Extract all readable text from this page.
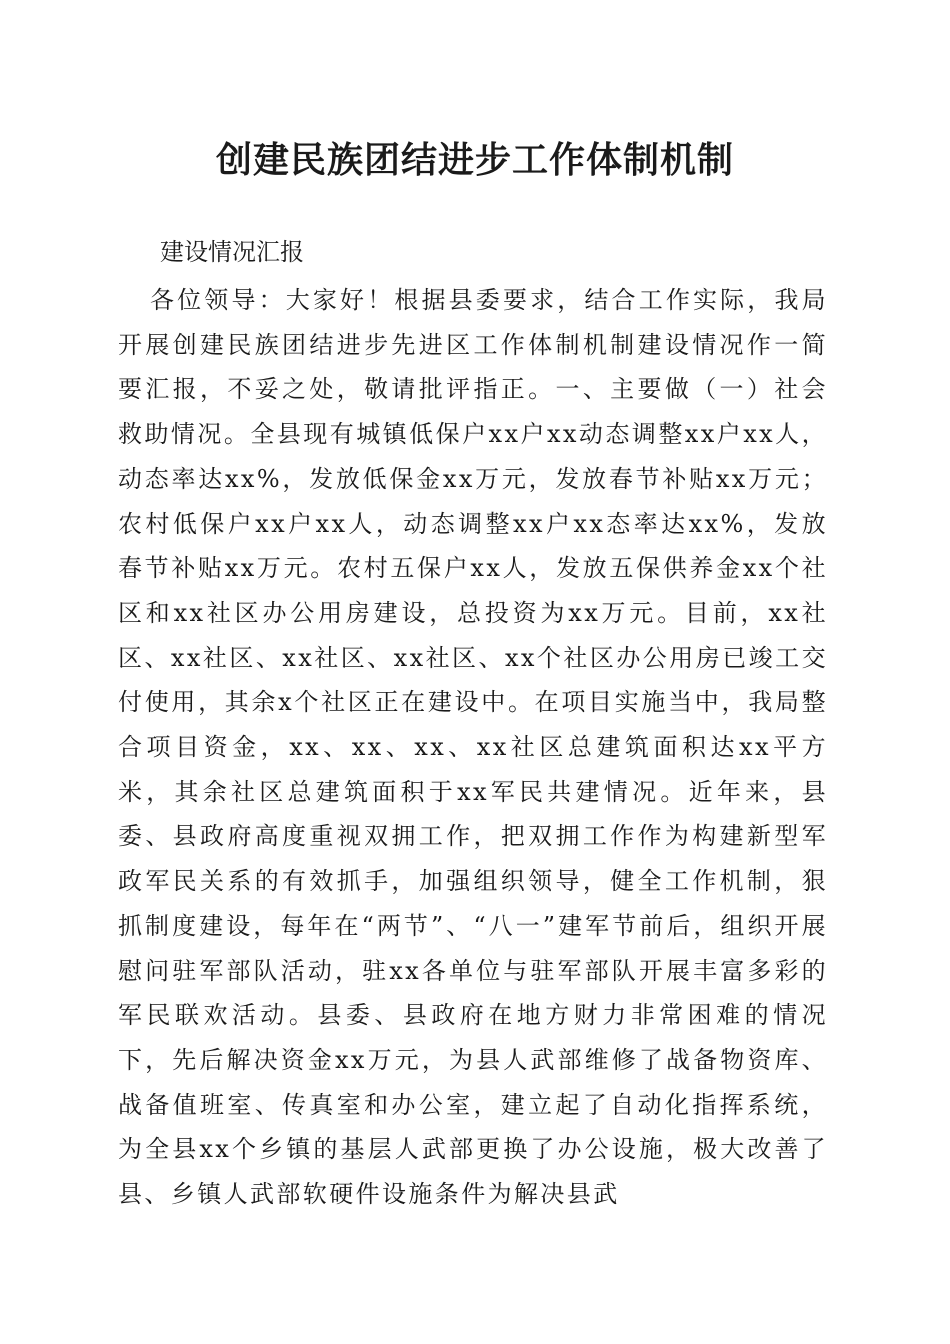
创建民族团结进步工作体制机制

建设情况汇报

各位领导：大家好！根据县委要求，结合工作实际，我局开展创建民族团结进步先进区工作体制机制建设情况作一简要汇报，不妥之处，敬请批评指正。一、主要做（一）社会救助情况。全县现有城镇低保户xx户xx动态调整xx户xx人，动态率达xx%，发放低保金xx万元，发放春节补贴xx万元；农村低保户xx户xx人，动态调整xx户xx态率达xx%，发放春节补贴xx万元。农村五保户xx人，发放五保供养金xx个社区和xx社区办公用房建设，总投资为xx万元。目前，xx社区、xx社区、xx社区、xx社区、xx个社区办公用房已竣工交付使用，其余x个社区正在建设中。在项目实施当中，我局整合项目资金，xx、xx、xx、xx社区总建筑面积达xx平方米，其余社区总建筑面积于xx军民共建情况。近年来，县委、县政府高度重视双拥工作，把双拥工作作为构建新型军政军民关系的有效抓手，加强组织领导，健全工作机制，狠抓制度建设，每年在“两节”、“八一”建军节前后，组织开展慰问驻军部队活动，驻xx各单位与驻军部队开展丰富多彩的军民联欢活动。县委、县政府在地方财力非常困难的情况下，先后解决资金xx万元，为县人武部维修了战备物资库、战备值班室、传真室和办公室，建立起了自动化指挥系统，为全县xx个乡镇的基层人武部更换了办公设施，极大改善了县、乡镇人武部软硬件设施条件为解决县武
